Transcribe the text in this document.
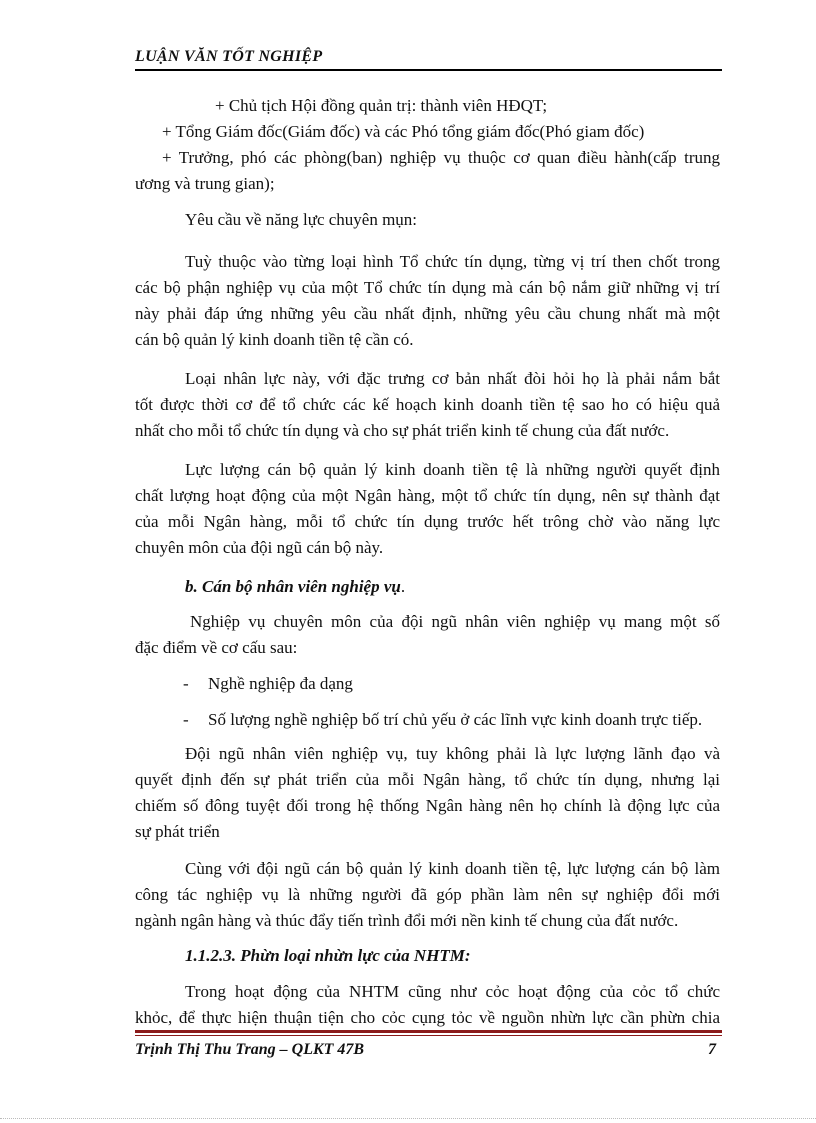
LUẬN VĂN TỐT NGHIỆP
+ Chủ tịch Hội đồng quản trị: thành viên HĐQT;
+ Tổng Giám đốc(Giám đốc) và các Phó tổng giám đốc(Phó giam đốc)
+ Trưởng, phó các phòng(ban) nghiệp vụ thuộc cơ quan điều hành(cấp trung
ương và trung gian);
Yêu cầu về năng lực chuyên mụn:
Tuỳ thuộc vào từng loại hình Tổ chức tín dụng, từng vị trí then chốt trong
các bộ phận nghiệp vụ của một Tổ chức tín dụng mà cán bộ nắm giữ những vị trí
này phải đáp ứng những yêu cầu nhất định, những yêu cầu chung nhất mà một
cán bộ quản lý kinh doanh tiền tệ cần có.
Loại nhân lực này, với đặc trưng cơ bản nhất đòi hỏi họ là phải nắm bắt
tốt được thời cơ để tổ chức các kế hoạch kinh doanh tiền tệ sao ho có hiệu quả
nhất cho mỗi tổ chức tín dụng và cho sự phát triển kinh tế chung của đất nước.
Lực lượng cán bộ quản lý kinh doanh tiền tệ là những người quyết định
chất lượng hoạt động của một Ngân hàng, một tổ chức tín dụng, nên sự thành đạt
của mỗi Ngân hàng, mỗi tổ chức tín dụng trước hết trông chờ vào năng lực
chuyên môn của đội ngũ cán bộ này.
b. Cán bộ nhân viên nghiệp vụ.
Nghiệp vụ chuyên môn của đội ngũ nhân viên nghiệp vụ mang một số
đặc điểm về cơ cấu sau:
- Nghề nghiệp đa dạng
- Số lượng nghề nghiệp bố trí chủ yếu ở các lĩnh vực kinh doanh trực tiếp.
Đội ngũ nhân viên nghiệp vụ, tuy không phải là lực lượng lãnh đạo và
quyết định đến sự phát triển của mỗi Ngân hàng, tổ chức tín dụng, nhưng lại
chiếm số đông tuyệt đối trong hệ thống Ngân hàng nên họ chính là động lực của
sự phát triển
Cùng với đội ngũ cán bộ quản lý kinh doanh tiền tệ, lực lượng cán bộ làm
công tác nghiệp vụ là những người đã góp phần làm nên sự nghiệp đổi mới
ngành ngân hàng và thúc đẩy tiến trình đổi mới nền kinh tế chung của đất nước.
1.1.2.3. Phừn loại nhừn lực của NHTM:
Trong hoạt động của NHTM cũng như cỏc hoạt động của cỏc tổ chức
khỏc, để thực hiện thuận tiện cho cỏc cụng tỏc về nguồn nhừn lực cần phừn chia
Trịnh Thị Thu Trang – QLKT 47B	7
